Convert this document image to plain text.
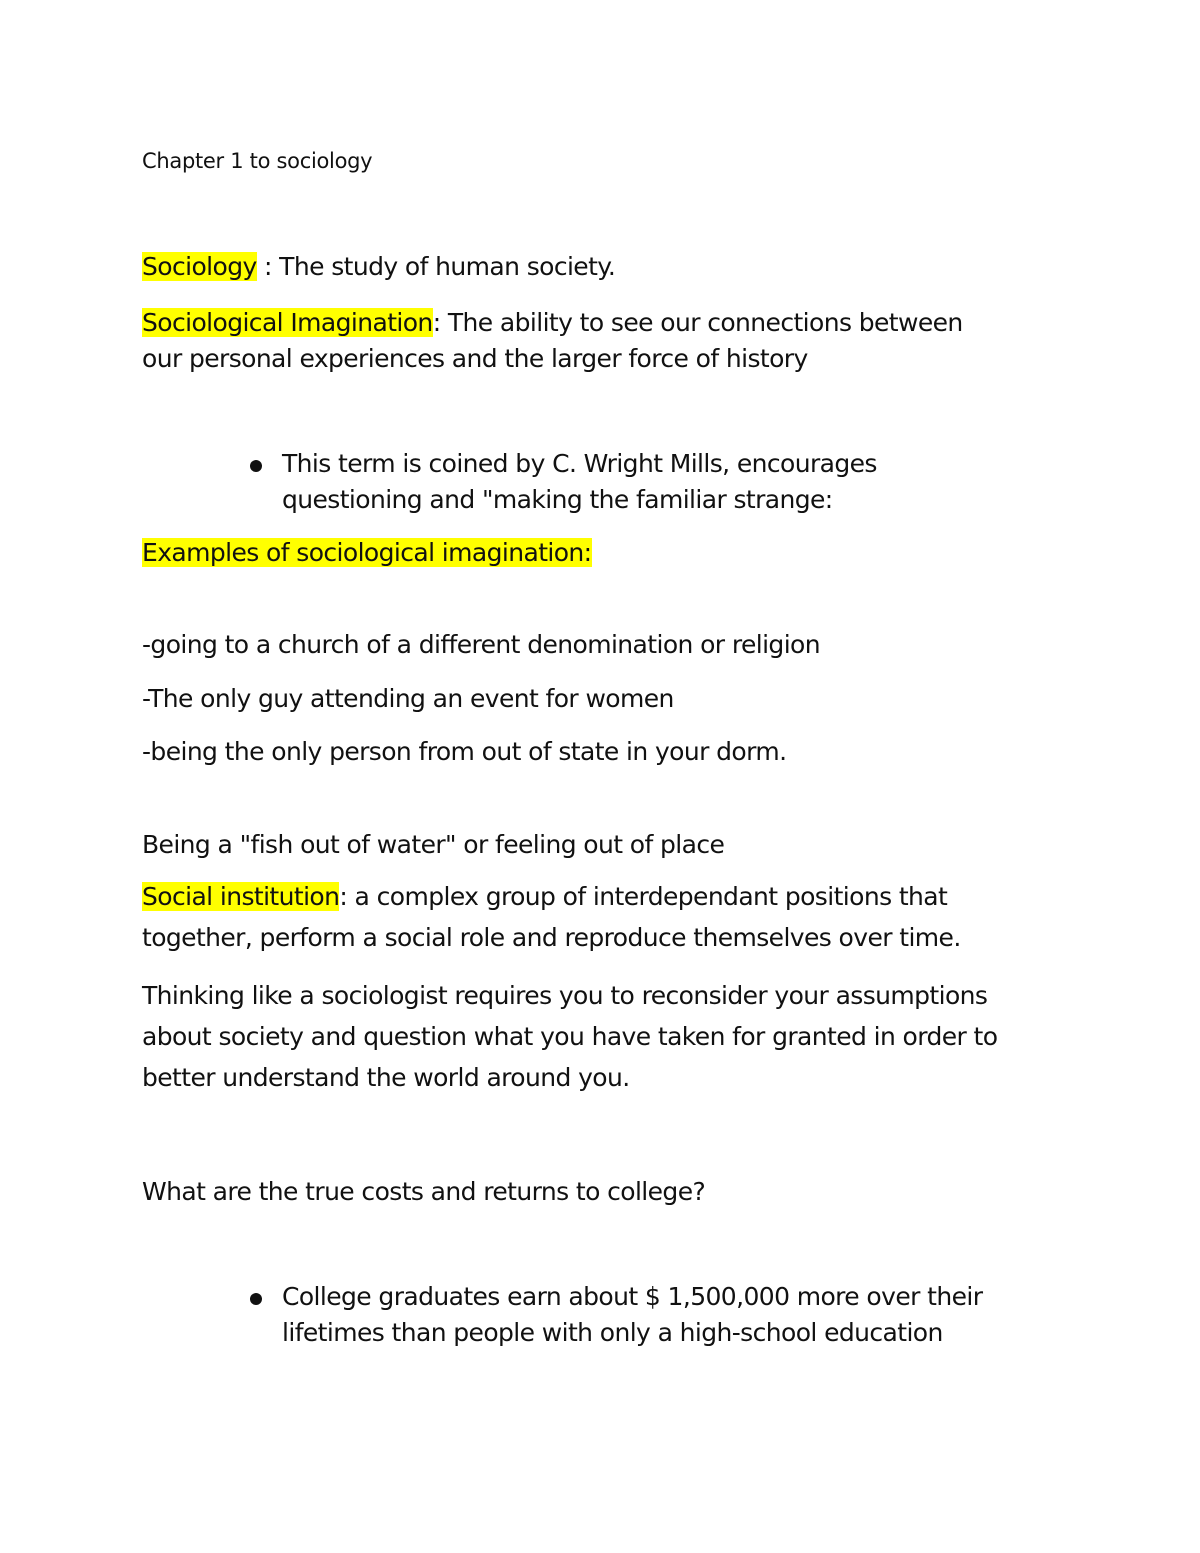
Chapter 1 to sociology
Sociology : The study of human society.
Sociological Imagination: The ability to see our connections between
our personal experiences and the larger force of history
This term is coined by C. Wright Mills, encourages
questioning and "making the familiar strange:
Examples of sociological imagination:
-going to a church of a different denomination or religion
-The only guy attending an event for women
-being the only person from out of state in your dorm.
Being a "fish out of water" or feeling out of place
Social institution: a complex group of interdependant positions that
together, perform a social role and reproduce themselves over time.
Thinking like a sociologist requires you to reconsider your assumptions
about society and question what you have taken for granted in order to
better understand the world around you.
What are the true costs and returns to college?
College graduates earn about $ 1,500,000 more over their
lifetimes than people with only a high-school education
